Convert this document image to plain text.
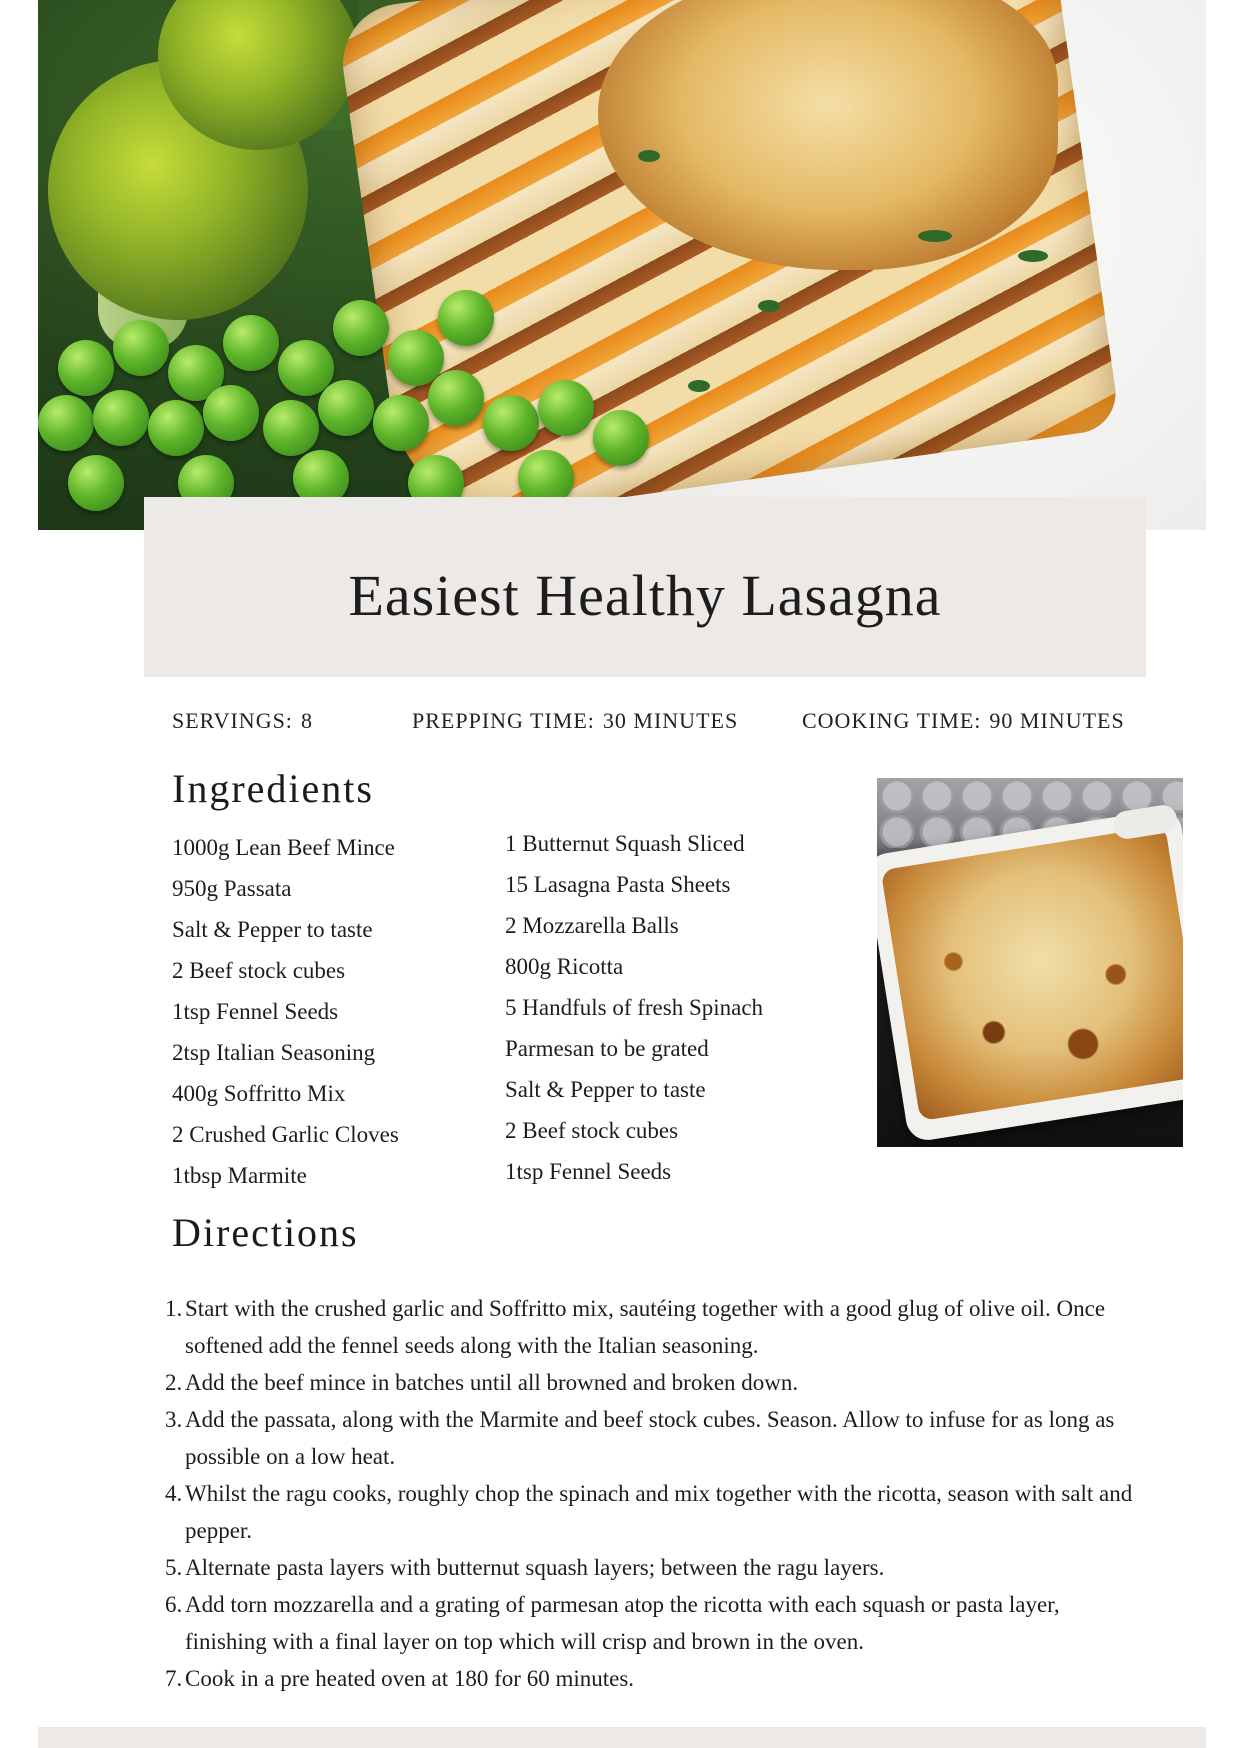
Easiest Healthy Lasagna
SERVINGS: 8	PREPPING TIME: 30 MINUTES	COOKING TIME: 90 MINUTES
Ingredients
1000g Lean Beef Mince
950g Passata
Salt & Pepper to taste
2 Beef stock cubes
1tsp Fennel Seeds
2tsp Italian Seasoning
400g Soffritto Mix
2 Crushed Garlic Cloves
1tbsp Marmite
1 Butternut Squash Sliced
15 Lasagna Pasta Sheets
2 Mozzarella Balls
800g Ricotta
5 Handfuls of fresh Spinach
Parmesan to be grated
Salt & Pepper to taste
2 Beef stock cubes
1tsp Fennel Seeds
Directions
1. Start with the crushed garlic and Soffritto mix, sautéing together with a good glug of olive oil. Once softened add the fennel seeds along with the Italian seasoning.
2. Add the beef mince in batches until all browned and broken down.
3. Add the passata, along with the Marmite and beef stock cubes. Season. Allow to infuse for as long as possible on a low heat.
4. Whilst the ragu cooks, roughly chop the spinach and mix together with the ricotta, season with salt and pepper.
5. Alternate pasta layers with butternut squash layers; between the ragu layers.
6. Add torn mozzarella and a grating of parmesan atop the ricotta with each squash or pasta layer, finishing with a final layer on top which will crisp and brown in the oven.
7. Cook in a pre heated oven at 180 for 60 minutes.
